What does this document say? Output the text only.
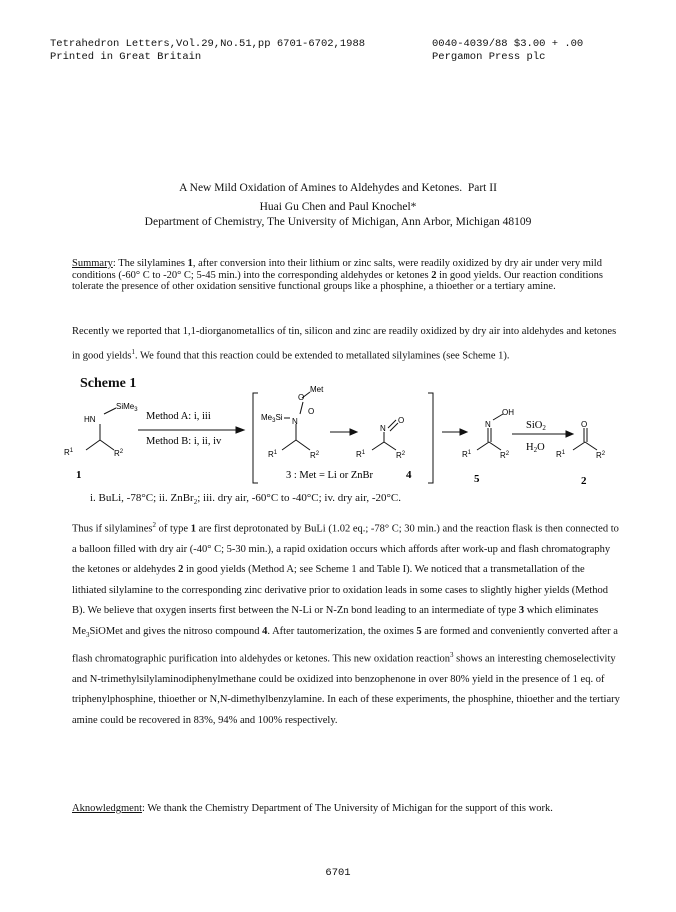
Tetrahedron Letters,Vol.29,No.51,pp 6701-6702,1988
Printed in Great Britain
0040-4039/88 $3.00 + .00
Pergamon Press plc
A New Mild Oxidation of Amines to Aldehydes and Ketones. Part II
Huai Gu Chen and Paul Knochel*
Department of Chemistry, The University of Michigan, Ann Arbor, Michigan 48109
Summary: The silylamines 1, after conversion into their lithium or zinc salts, were readily oxidized by dry air under very mild conditions (-60° C to -20° C; 5-45 min.) into the corresponding aldehydes or ketones 2 in good yields. Our reaction conditions tolerate the presence of other oxidation sensitive functional groups like a phosphine, a thioether or a tertiary amine.
Recently we reported that 1,1-diorganometallics of tin, silicon and zinc are readily oxidized by dry air into aldehydes and ketones in good yields$^1$. We found that this reaction could be extended to metallated silylamines (see Scheme 1).
Scheme 1
HN
SiMe$_3$
$R^1$	$R^2$
Method A: i, iii
Method B: i, ii, iv
$Me_3Si$ N
O
O
Met
$R^1$	$R^2$
N
O
$R^1$	$R^2$
N
OH
$R^1$	$R^2$
SiO2
H2O
O
$R^1$	$R^2$
1	3 : Met = Li or ZnBr	4	5	2
i. BuLi, -78°C; ii. ZnBr$_2$; iii. dry air, -60°C to -40°C; iv. dry air, -20°C.
Thus if silylamines$^2$ of type 1 are first deprotonated by BuLi (1.02 eq.; -78° C; 30 min.) and the reaction flask is then connected to a balloon filled with dry air (-40° C; 5-30 min.), a rapid oxidation occurs which affords after work-up and flash chromatography the ketones or aldehydes 2 in good yields (Method A; see Scheme 1 and Table I). We noticed that a transmetallation of the lithiated silylamine to the corresponding zinc derivative prior to oxidation leads in some cases to slightly higher yields (Method B). We believe that oxygen inserts first between the N-Li or N-Zn bond leading to an intermediate of type 3 which eliminates $Me_3SiOMet$ and gives the nitroso compound 4. After tautomerization, the oximes 5 are formed and conveniently converted after a flash chromatographic purification into aldehydes or ketones. This new oxidation reaction$^3$ shows an interesting chemoselectivity and N-trimethylsilylaminodiphenylmethane could be oxidized into benzophenone in over 80% yield in the presence of 1 eq. of triphenylphosphine, thioether or N,N-dimethylbenzylamine. In each of these experiments, the phosphine, thioether and the tertiary amine could be recovered in 83%, 94% and 100% respectively.
Aknowledgment: We thank the Chemistry Department of The University of Michigan for the support of this work.
6701
